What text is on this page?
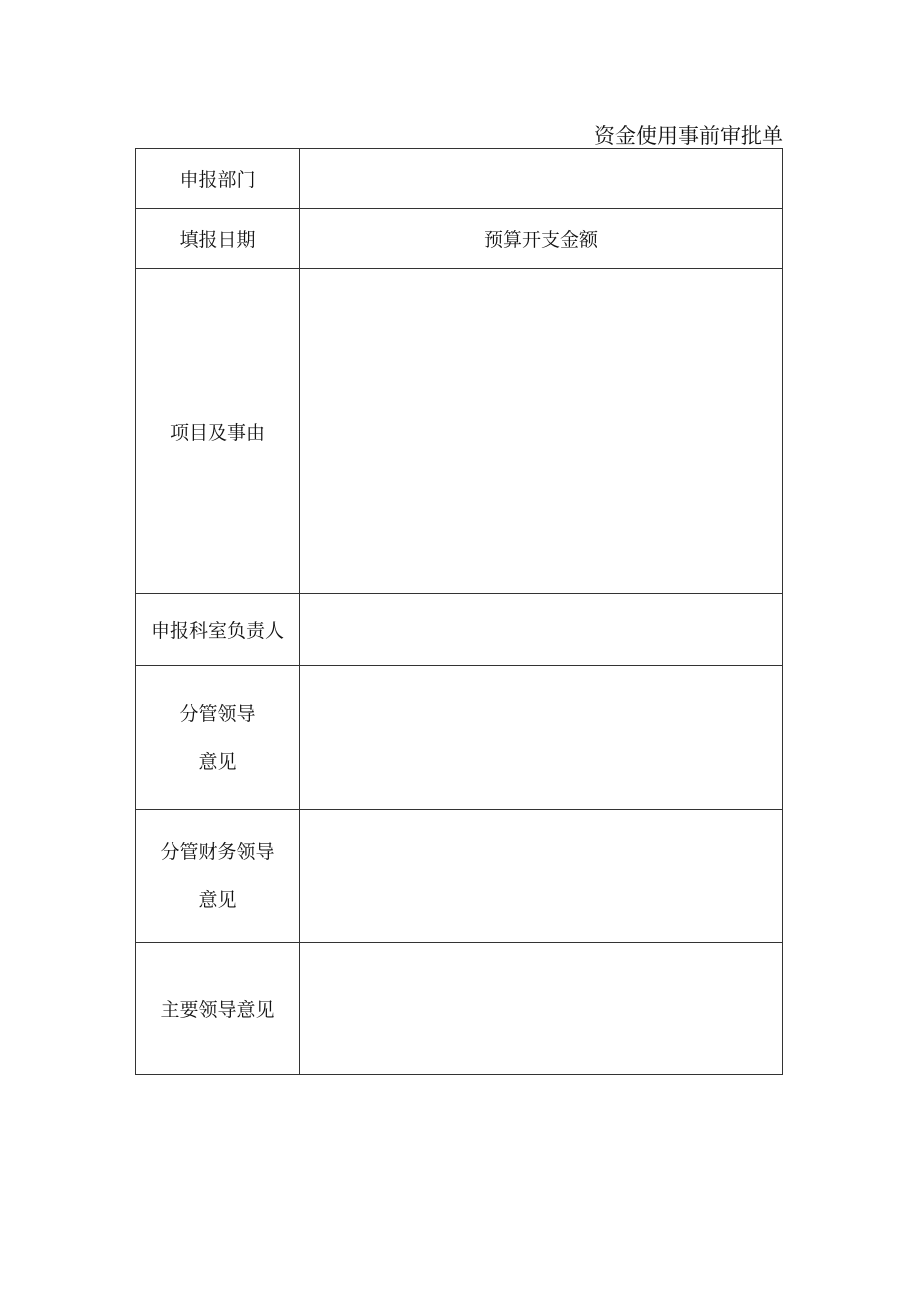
资金使用事前审批单
申报部门	

填报日期	预算开支金额

项目及事由	

申报科室负责人	

分管领导
意见	

分管财务领导
意见	

主要领导意见	
